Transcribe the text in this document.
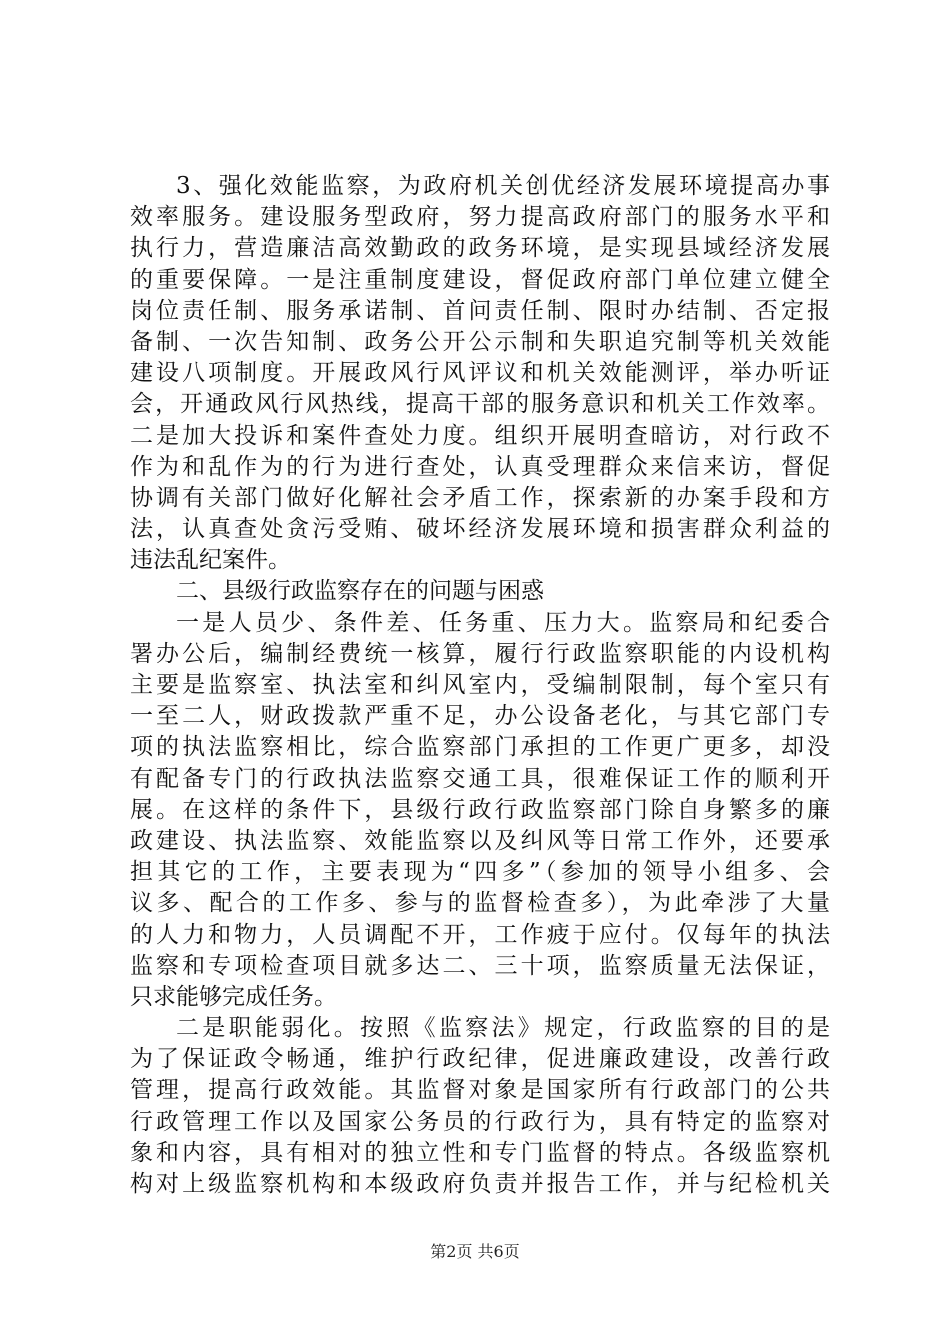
3、强化效能监察，为政府机关创优经济发展环境提高办事
效率服务。建设服务型政府，努力提高政府部门的服务水平和
执行力，营造廉洁高效勤政的政务环境，是实现县域经济发展
的重要保障。一是注重制度建设，督促政府部门单位建立健全
岗位责任制、服务承诺制、首问责任制、限时办结制、否定报
备制、一次告知制、政务公开公示制和失职追究制等机关效能
建设八项制度。开展政风行风评议和机关效能测评，举办听证
会，开通政风行风热线，提高干部的服务意识和机关工作效率。
二是加大投诉和案件查处力度。组织开展明查暗访，对行政不
作为和乱作为的行为进行查处，认真受理群众来信来访，督促
协调有关部门做好化解社会矛盾工作，探索新的办案手段和方
法，认真查处贪污受贿、破坏经济发展环境和损害群众利益的
违法乱纪案件。
二、县级行政监察存在的问题与困惑
一是人员少、条件差、任务重、压力大。监察局和纪委合
署办公后，编制经费统一核算，履行行政监察职能的内设机构
主要是监察室、执法室和纠风室内，受编制限制，每个室只有
一至二人，财政拨款严重不足，办公设备老化，与其它部门专
项的执法监察相比，综合监察部门承担的工作更广更多，却没
有配备专门的行政执法监察交通工具，很难保证工作的顺利开
展。在这样的条件下，县级行政行政监察部门除自身繁多的廉
政建设、执法监察、效能监察以及纠风等日常工作外，还要承
担其它的工作，主要表现为“四多”（参加的领导小组多、会
议多、配合的工作多、参与的监督检查多），为此牵涉了大量
的人力和物力，人员调配不开，工作疲于应付。仅每年的执法
监察和专项检查项目就多达二、三十项，监察质量无法保证，
只求能够完成任务。
二是职能弱化。按照《监察法》规定，行政监察的目的是
为了保证政令畅通，维护行政纪律，促进廉政建设，改善行政
管理，提高行政效能。其监督对象是国家所有行政部门的公共
行政管理工作以及国家公务员的行政行为，具有特定的监察对
象和内容，具有相对的独立性和专门监督的特点。各级监察机
构对上级监察机构和本级政府负责并报告工作，并与纪检机关
第2页 共6页
